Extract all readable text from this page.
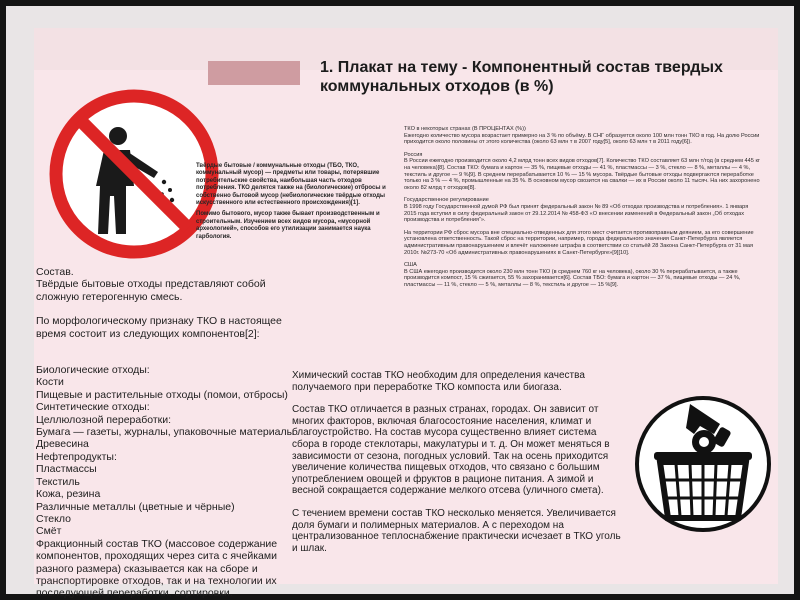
1. Плакат на тему - Компонентный состав твердых коммунальных отходов (в %)

Твёрдые бытовые / коммунальные отходы (ТБО, ТКО, коммунальный мусор) — предметы или товары, потерявшие потребительские свойства, наибольшая часть отходов потребления. ТКО делятся также на (биологические) отбросы и собственно бытовой мусор (небиологические твёрдые отходы искусственного или естественного происхождения)[1].

Помимо бытового, мусор также бывает производственным и строительным. Изучением всех видов мусора, «мусорной археологией», способов его утилизации занимается наука гарбология.

ТКО в некоторых странах (В ПРОЦЕНТАХ (%))
Ежегодно количество мусора возрастает примерно на 3 % по объёму. В СНГ образуется около 100 млн тонн ТКО в год. На долю России приходится около половины от этого количества (около 63 млн т в 2007 году[5], около 63 млн т в 2011 году[6]).
Россия
В России ежегодно производится около 4,2 млрд тонн всех видов отходов[7]. Количество ТКО составляет 63 млн т/год (в среднем 445 кг на человека)[8]. Состав ТКО: бумага и картон — 35 %, пищевые отходы — 41 %, пластмассы — 3 %, стекло — 8 %, металлы — 4 %, текстиль и другое — 9 %[9]. В среднем перерабатывается 10 % — 15 % мусора. Твёрдые бытовые отходы подвергаются переработке только на 3 % — 4 %, промышленные на 35 %. В основном мусор свозится на свалки — их в России около 11 тысяч. На них захоронено около 82 млрд т отходов[8].
Государственное регулирование
В 1998 году Государственной думой РФ был принят федеральный закон № 89 «Об отходах производства и потребления». 1 января 2015 года вступил в силу федеральный закон от 29.12.2014 № 458-ФЗ «О внесении изменений в Федеральный закон „Об отходах производства и потребления“».
На территории РФ сброс мусора вне специально-отведенных для этого мест считается противоправным деянием, за его совершение установлена ответственность. Такой сброс на территории, например, города федерального значения Санкт-Петербурга является административным правонарушением и влечёт наложение штрафа в соответствии со статьёй 28 Закона Санкт-Петербурга от 31 мая 2010г. №273-70 «Об административных правонарушениях в Санкт-Петербурге»[9][10].
США
В США ежегодно производится около 230 млн тонн ТКО (в среднем 760 кг на человека), около 30 % перерабатывается, а также производится компост, 15 % сжигается, 55 % захоранивается[6]. Состав ТБО: бумага и картон — 37 %, пищевые отходы — 24 %, пластмассы — 11 %, стекло — 5 %, металлы — 8 %, текстиль и другое — 15 %[9].

Состав.

Твёрдые бытовые отходы представляют собой сложную гетерогенную смесь.

По морфологическому признаку ТКО в настоящее время состоит из следующих компонентов[2]:

Биологические отходы:

Кости

Пищевые и растительные отходы (помои, отбросы)

Синтетические отходы:

Целлюлозной переработки:

Бумага — газеты, журналы, упаковочные материалы

Древесина

Нефтепродукты:

Пластмассы

Текстиль

Кожа, резина

Различные металлы (цветные и чёрные)

Стекло

Смёт

Фракционный состав ТКО (массовое содержание компонентов, проходящих через сита с ячейками разного размера) сказывается как на сборе и транспортировке отходов, так и на технологии их последующей переработки, сортировки.

Химический состав ТКО необходим для определения качества получаемого при переработке ТКО компоста или биогаза.

Состав ТКО отличается в разных странах, городах. Он зависит от многих факторов, включая благосостояние населения, климат и благоустройство. На состав мусора существенно влияет система сбора в городе стеклотары, макулатуры и т. д. Он может меняться в зависимости от сезона, погодных условий. Так на осень приходится увеличение количества пищевых отходов, что связано с большим употреблением овощей и фруктов в рационе питания. А зимой и весной сокращается содержание мелкого отсева (уличного смета).

С течением времени состав ТКО несколько меняется. Увеличивается доля бумаги и полимерных материалов. А с переходом на централизованное теплоснабжение практически исчезает в ТКО уголь и шлак.
